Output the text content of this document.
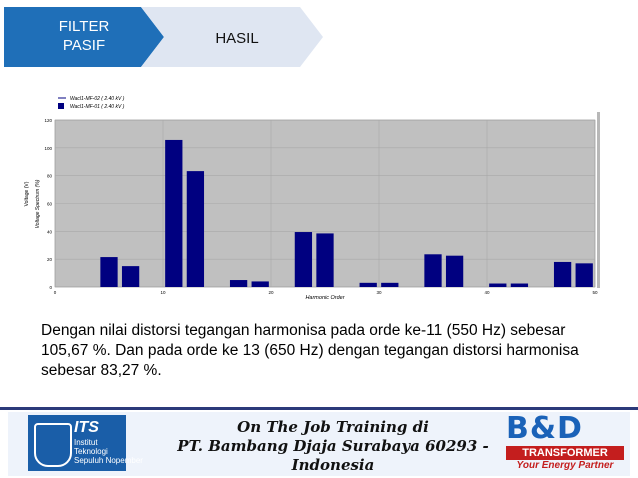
FILTER
PASIF	HASIL
Wacl1-MF-02 ( 2.40 kV )
Wacl1-MF-01 ( 2.40 kV )
Voltage (V) Voltage Spectrum (%)
0
20
40
60
80
100
120
0	10	20	30	40	50
Harmonic Order
Dengan nilai distorsi tegangan harmonisa pada orde ke-11 (550 Hz) sebesar 105,67 %. Dan pada orde ke 13 (650 Hz) dengan tegangan distorsi harmonisa sebesar 83,27 %.
ITS
Institut
Teknologi
Sepuluh Nopember
On The Job Training di
PT. Bambang Djaja Surabaya 60293 - Indonesia
B&D
TRANSFORMER
Your Energy Partner
